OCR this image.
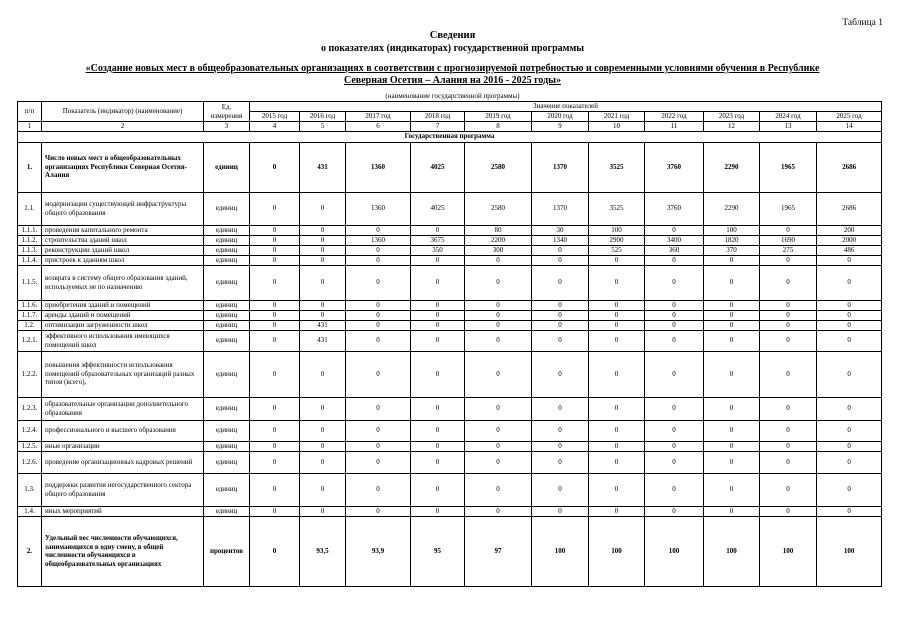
Таблица 1
Сведения
о показателях (индикаторах) государственной программы
«Создание новых мест в общеобразовательных организациях в соответствии с прогнозируемой потребностью и современными условиями обучения в Республике
Северная Осетия – Алания на 2016 - 2025 годы»
(наименование государственной программы)
п/п	Показатель (индикатор) (наименование)	Ед. измерения	Значение показателей										
			2015 год	2016 год	2017 год	2018 год	2019 год	2020 год	2021 год	2022 год	2023 год	2024 год	2025 год
1	2	3	4	5	6	7	8	9	10	11	12	13	14
Государственная программа													
1.	Число новых мест в общеобразовательных организациях Республики Северная Осетия-Алания	единиц	0	431	1360	4025	2580	1370	3525	3760	2290	1965	2686
1.1.	модернизации существующей инфраструктуры общего образования	единиц	0	0	1360	4025	2580	1370	3525	3760	2290	1965	2686
1.1.1.	проведения капитального ремонта	единиц	0	0	0	0	80	30	100	0	100	0	200
1.1.2.	строительства зданий школ	единиц	0	0	1360	3675	2200	1340	2900	3400	1820	1690	2000
1.1.3.	реконструкции зданий школ	единиц	0	0	0	350	300	0	525	360	370	275	486
1.1.4.	пристроек к зданиям школ	единиц	0	0	0	0	0	0	0	0	0	0	0
1.1.5.	возврата в систему общего образования зданий, используемых не по назначению	единиц	0	0	0	0	0	0	0	0	0	0	0
1.1.6.	приобретения зданий и помещений	единиц	0	0	0	0	0	0	0	0	0	0	0
1.1.7.	аренды зданий и помещений	единиц	0	0	0	0	0	0	0	0	0	0	0
1.2.	оптимизации загруженности школ	единиц	0	431	0	0	0	0	0	0	0	0	0
1.2.1.	эффективного использования имеющихся помещений школ	единиц	0	431	0	0	0	0	0	0	0	0	0
1.2.2.	повышения эффективности использования помещений образовательных организаций разных типов (всего),	единиц	0	0	0	0	0	0	0	0	0	0	0
1.2.3.	образовательные организации дополнительного образования	единиц	0	0	0	0	0	0	0	0	0	0	0
1.2.4.	профессионального и высшего образования	единиц	0	0	0	0	0	0	0	0	0	0	0
1.2.5.	иные организации	единиц	0	0	0	0	0	0	0	0	0	0	0
1.2.6.	проведение организационных кадровых решений	единиц	0	0	0	0	0	0	0	0	0	0	0
1.3.	поддержки развития негосударственного сектора общего образования	единиц	0	0	0	0	0	0	0	0	0	0	0
1.4.	иных мероприятий	единиц	0	0	0	0	0	0	0	0	0	0	0
2.	Удельный вес численности обучающихся, занимающихся в одну смену, в общей численности обучающихся в общеобразовательных организациях	процентов	0	93,5	93,9	95	97	100	100	100	100	100	100
